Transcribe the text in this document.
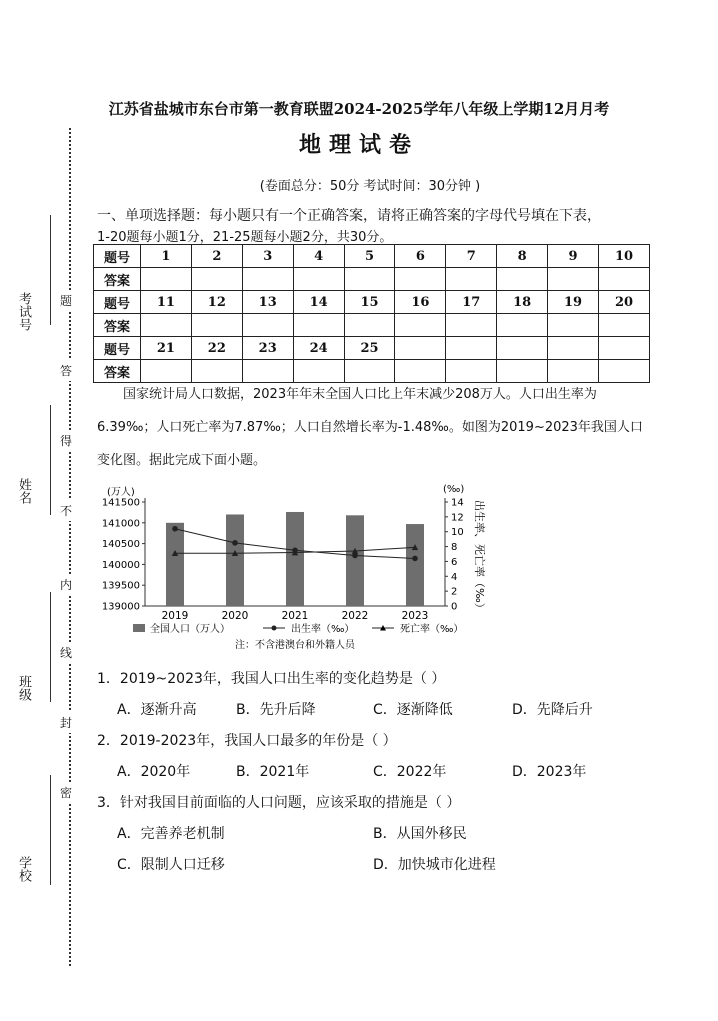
考试号
姓名
班级
学校
题
答
得
不
内
线
封
密
江苏省盐城市东台市第一教育联盟2024-2025学年八年级上学期12月月考
地理试卷
(卷面总分：50分 考试时间：30分钟 )
一、单项选择题：每小题只有一个正确答案，请将正确答案的字母代号填在下表，
1-20题每小题1分，21-25题每小题2分，共30分。
题号	1	2	3	4	5	6	7	8	9	10
答案										
题号	11	12	13	14	15	16	17	18	19	20
答案										
题号	21	22	23	24	25					
答案										

国家统计局人口数据，2023年年末全国人口比上年末减少208万人。人口出生率为

6.39‰；人口死亡率为7.87‰；人口自然增长率为-1.48‰。如图为2019~2023年我国人口
变化图。据此完成下面小题。
139000
139500
140000
140500
141000
141500
0
2
4
6
8
10
12
14
(万人)	(‰)
出生率、死亡率（‰）
2019	2020	2021	2022	2023
全国人口（万人）	出生率（‰）	死亡率（‰）
注：不含港澳台和外籍人员
1．2019~2023年，我国人口出生率的变化趋势是（ ）
A．逐渐升高	B．先升后降	C．逐渐降低	D．先降后升
2．2019-2023年，我国人口最多的年份是（ ）
A．2020年	B．2021年	C．2022年	D．2023年
3．针对我国目前面临的人口问题，应该采取的措施是（ ）
A．完善养老机制	B．从国外移民
C．限制人口迁移	D．加快城市化进程
